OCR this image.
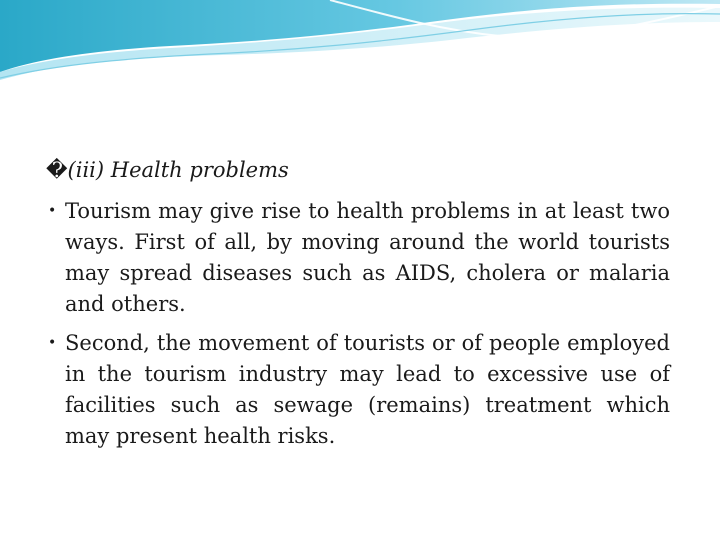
�(iii) Health problems
• Tourism may give rise to health problems in at least two ways. First of all, by moving around the world tourists may spread diseases such as AIDS, cholera or malaria and others.
• Second, the movement of tourists or of people employed in the tourism industry may lead to excessive use of facilities such as sewage (remains) treatment which may present health risks.
